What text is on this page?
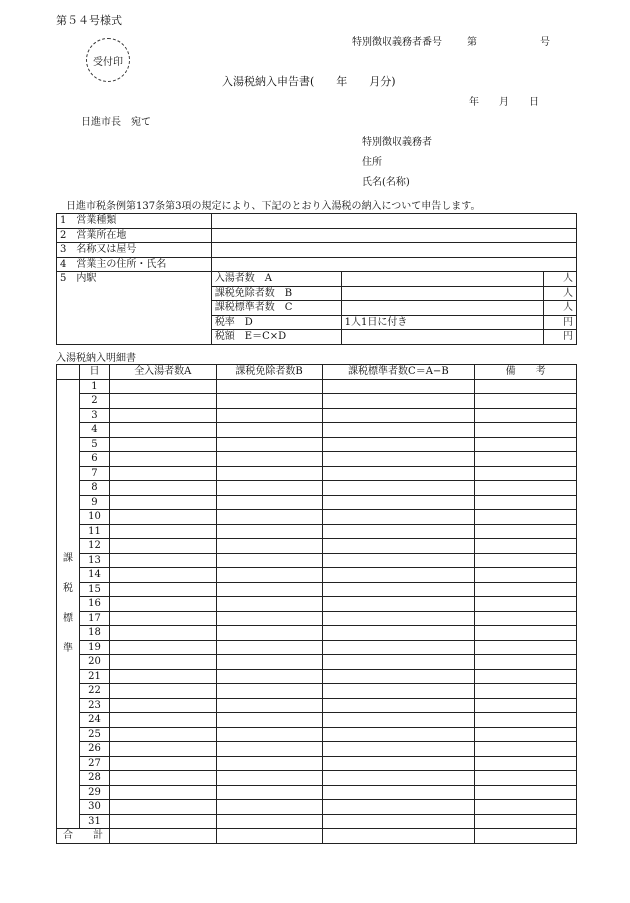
第５４号様式
特別徴収義務者番号	第	号
受付印
入湯税納入申告書(　　年　　月分)
年　　月　　日
日進市長　宛て
特別徴収義務者
住所
氏名(名称)
日進市税条例第137条第3項の規定により、下記のとおり入湯税の納入について申告します。
1 営業種類			
2 営業所在地			
3 名称又は屋号			
4 営業主の住所・氏名			
5 内駅	入湯者数　A		人
	課税免除者数　B		人
	課税標準者数　C		人
	税率　D	1人1日に付き	円
	税額　E＝C×D		円
入湯税納入明細書
	日	全入湯者数A	課税免除者数B	課税標準者数C＝A−B	備　　考

課
税
標
準	1				
	2				
	3				
	4				
	5				
	6				
	7				
	8				
	9				
	10				
	11				
	12				
	13				
	14				
	15				
	16				
	17				
	18				
	19				
	20				
	21				
	22				
	23				
	24				
	25				
	26				
	27				
	28				
	29				
	30				
	31				
合　　計					
